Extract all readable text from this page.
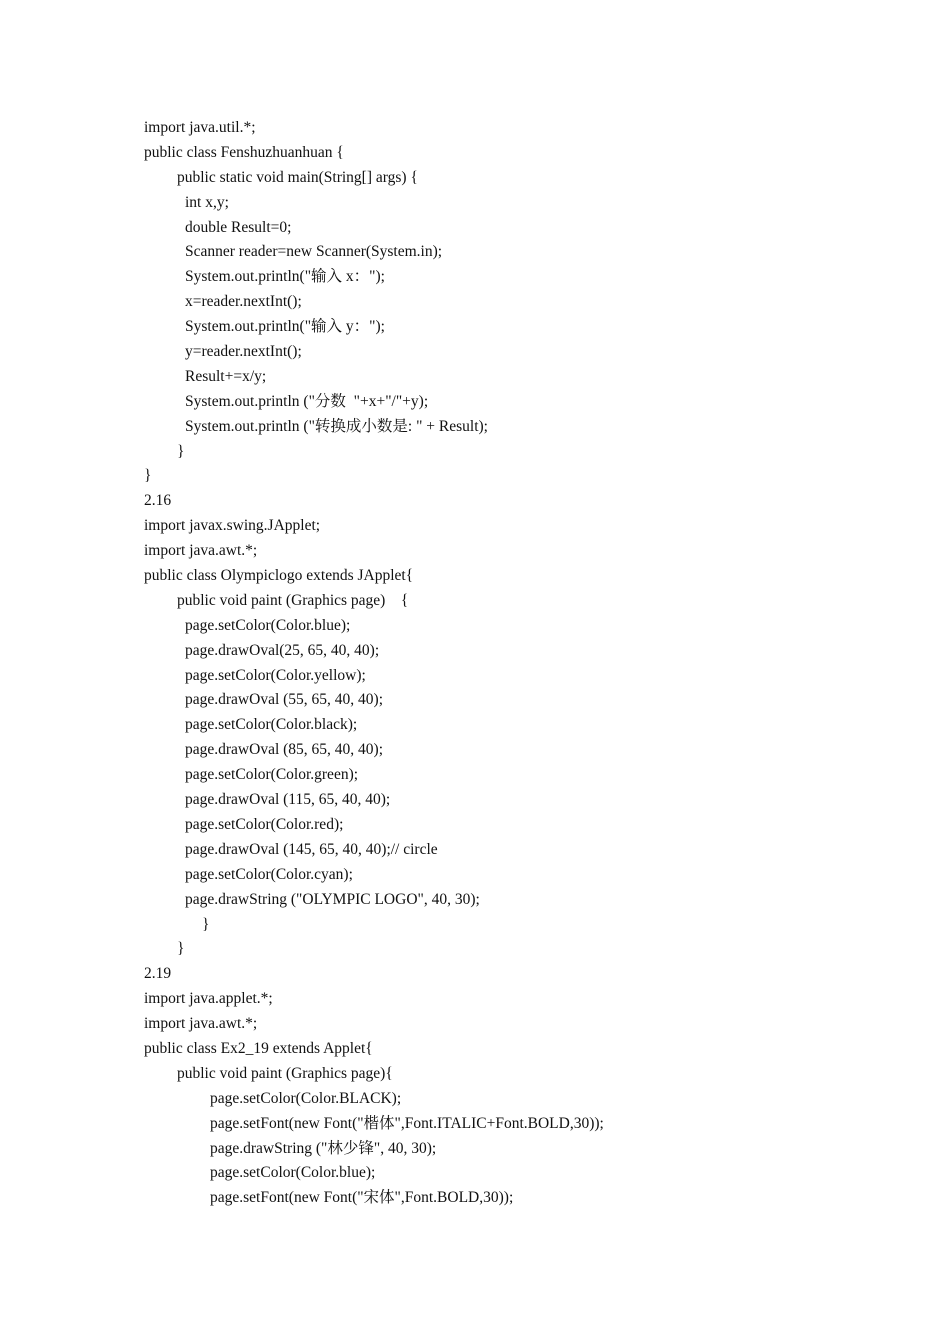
import java.util.*;
public class Fenshuzhuanhuan {
public static void main(String[] args) {
int x,y;
double Result=0;
Scanner reader=new Scanner(System.in);
System.out.println("输入 x：");
x=reader.nextInt();
System.out.println("输入 y：");
y=reader.nextInt();
Result+=x/y;
System.out.println ("分数  "+x+"/"+y);
System.out.println ("转换成小数是: " + Result);
}
}
2.16
import javax.swing.JApplet;
import java.awt.*;
public class Olympiclogo extends JApplet{
public void paint (Graphics page)    {
page.setColor(Color.blue);
page.drawOval(25, 65, 40, 40);
page.setColor(Color.yellow);
page.drawOval (55, 65, 40, 40);
page.setColor(Color.black);
page.drawOval (85, 65, 40, 40);
page.setColor(Color.green);
page.drawOval (115, 65, 40, 40);
page.setColor(Color.red);
page.drawOval (145, 65, 40, 40);// circle
page.setColor(Color.cyan);
page.drawString ("OLYMPIC LOGO", 40, 30);
}
}
2.19
import java.applet.*;
import java.awt.*;
public class Ex2_19 extends Applet{
public void paint (Graphics page){
page.setColor(Color.BLACK);
page.setFont(new Font("楷体",Font.ITALIC+Font.BOLD,30));
page.drawString ("林少锋", 40, 30);
page.setColor(Color.blue);
page.setFont(new Font("宋体",Font.BOLD,30));
